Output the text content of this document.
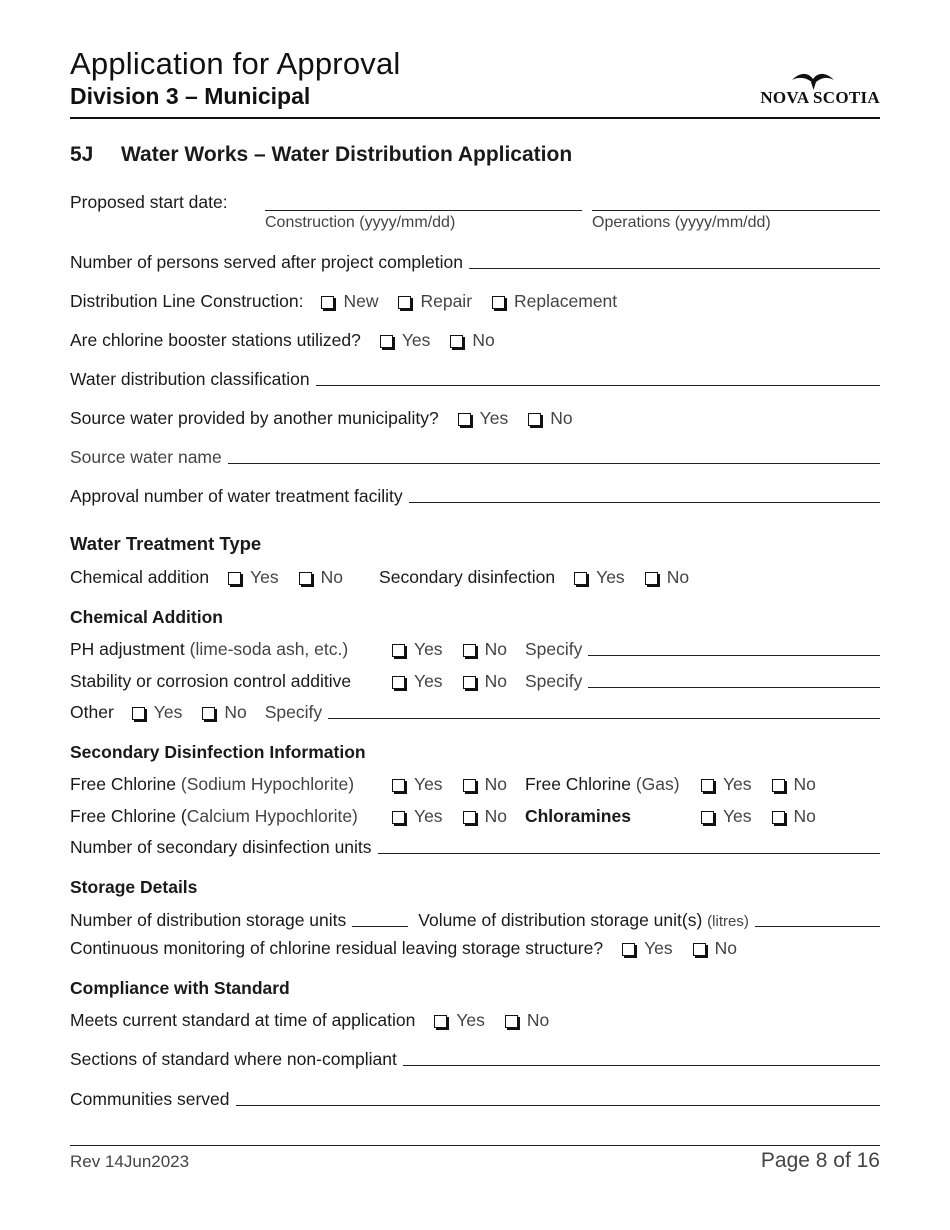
Application for Approval
Division 3 – Municipal	NOVA SCOTIA
5J Water Works – Water Distribution Application
Proposed start date:
Construction (yyyy/mm/dd)	Operations (yyyy/mm/dd)
Number of persons served after project completion
Distribution Line Construction: New Repair Replacement
Are chlorine booster stations utilized? Yes No
Water distribution classification
Source water provided by another municipality? Yes No
Source water name
Approval number of water treatment facility
Water Treatment Type
Chemical addition Yes No Secondary disinfection Yes No
Chemical Addition
PH adjustment (lime-soda ash, etc.)	Yes No Specify
Stability or corrosion control additive	Yes No Specify
Other Yes No Specify
Secondary Disinfection Information
Free Chlorine (Sodium Hypochlorite)	Yes No Free Chlorine (Gas)	Yes No
Free Chlorine (Calcium Hypochlorite)	Yes No Chloramines	Yes No
Number of secondary disinfection units
Storage Details
Number of distribution storage units	Volume of distribution storage unit(s) (litres)
Continuous monitoring of chlorine residual leaving storage structure? Yes No
Compliance with Standard
Meets current standard at time of application Yes No
Sections of standard where non-compliant
Communities served
Rev 14Jun2023	Page 8 of 16
